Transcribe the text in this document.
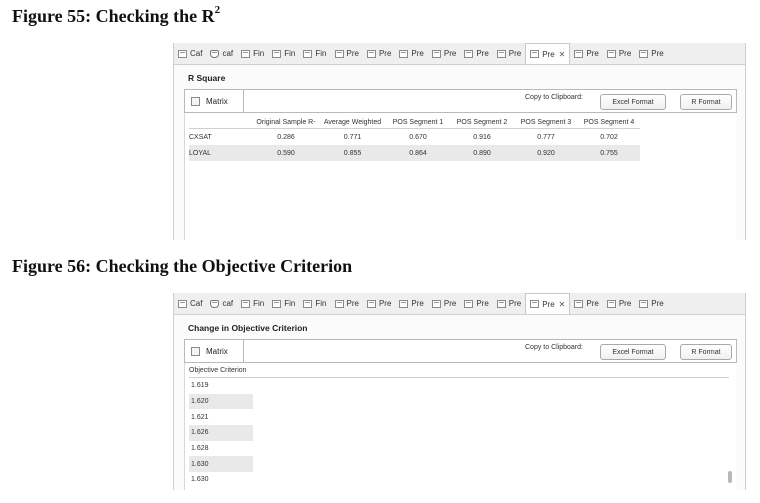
Figure 55: Checking the $R^2$
Caf	caf	Fin	Fin	Fin	Pre	Pre	Pre	Pre	Pre	Pre	Pre ✕	Pre	Pre	Pre
R Square
Matrix	Copy to Clipboard:
Excel Format	R Format
	Original Sample R-	Average Weighted	POS Segment 1	POS Segment 2	POS Segment 3	POS Segment 4
CXSAT	0.286	0.771	0.670	0.916	0.777	0.702
LOYAL	0.590	0.855	0.864	0.890	0.920	0.755
Figure 56: Checking the Objective Criterion
Caf	caf	Fin	Fin	Fin	Pre	Pre	Pre	Pre	Pre	Pre	Pre ✕	Pre	Pre	Pre
Change in Objective Criterion
Matrix	Copy to Clipboard:
Excel Format	R Format
Objective Criterion
1.619
1.620
1.621
1.626
1.628
1.630
1.630
